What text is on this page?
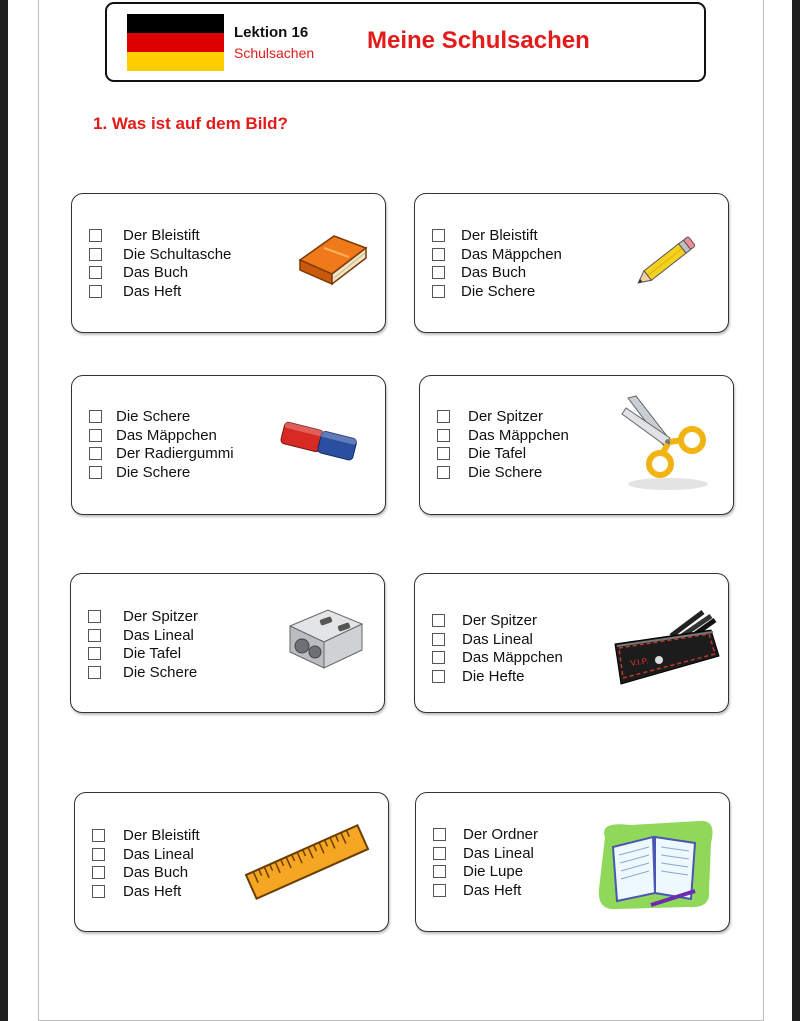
Lektion 16
Schulsachen Meine Schulsachen
1. Was ist auf dem Bild?
Der Bleistift
Die Schultasche
Das Buch
Das Heft
Der Bleistift
Das Mäppchen
Das Buch
Die Schere
Die Schere
Das Mäppchen
Der Radiergummi
Die Schere
Der Spitzer
Das Mäppchen
Die Tafel
Die Schere
Der Spitzer
Das Lineal
Die Tafel
Die Schere
Der Spitzer
Das Lineal
Das Mäppchen
Die Hefte
V.I.P.
Der Bleistift
Das Lineal
Das Buch
Das Heft
Der Ordner
Das Lineal
Die Lupe
Das Heft
